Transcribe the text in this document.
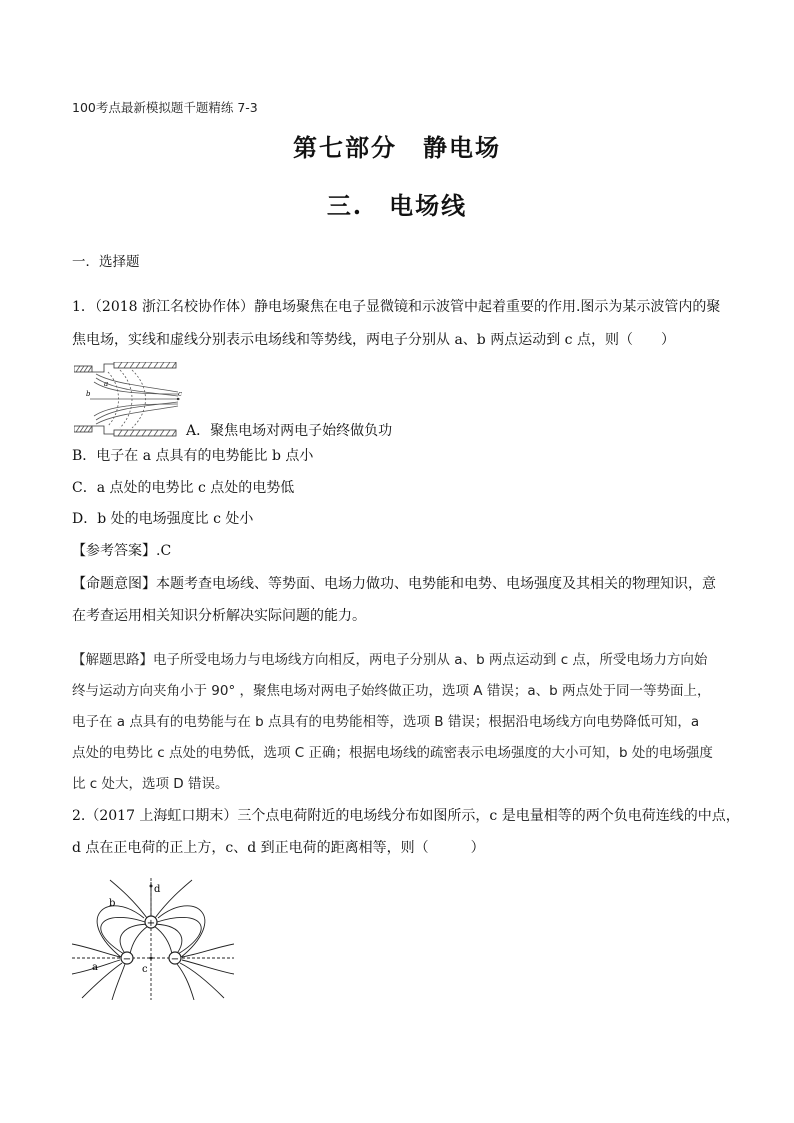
100考点最新模拟题千题精练 7-3
第七部分　静电场
三.　电场线
一．选择题
1．（2018 浙江名校协作体）静电场聚焦在电子显微镜和示波管中起着重要的作用.图示为某示波管内的聚
焦电场，实线和虚线分别表示电场线和等势线，两电子分别从 a、b 两点运动到 c 点，则（　　）
b
a
c
A．聚焦电场对两电子始终做负功
B．电子在 a 点具有的电势能比 b 点小
C．a 点处的电势比 c 点处的电势低
D．b 处的电场强度比 c 处小
【参考答案】.C
【命题意图】本题考查电场线、等势面、电场力做功、电势能和电势、电场强度及其相关的物理知识，意
在考查运用相关知识分析解决实际问题的能力。
【解题思路】电子所受电场力与电场线方向相反，两电子分别从 a、b 两点运动到 c 点，所受电场力方向始
终与运动方向夹角小于 90° ，聚焦电场对两电子始终做正功，选项 A 错误；a、b 两点处于同一等势面上，
电子在 a 点具有的电势能与在 b 点具有的电势能相等，选项 B 错误；根据沿电场线方向电势降低可知，a
点处的电势比 c 点处的电势低，选项 C 正确；根据电场线的疏密表示电场强度的大小可知，b 处的电场强度
比 c 处大，选项 D 错误。
2.（2017 上海虹口期末）三个点电荷附近的电场线分布如图所示，c 是电量相等的两个负电荷连线的中点，
d 点在正电荷的正上方，c、d 到正电荷的距离相等，则（　　　）
+
−	−
b
d
c
a
